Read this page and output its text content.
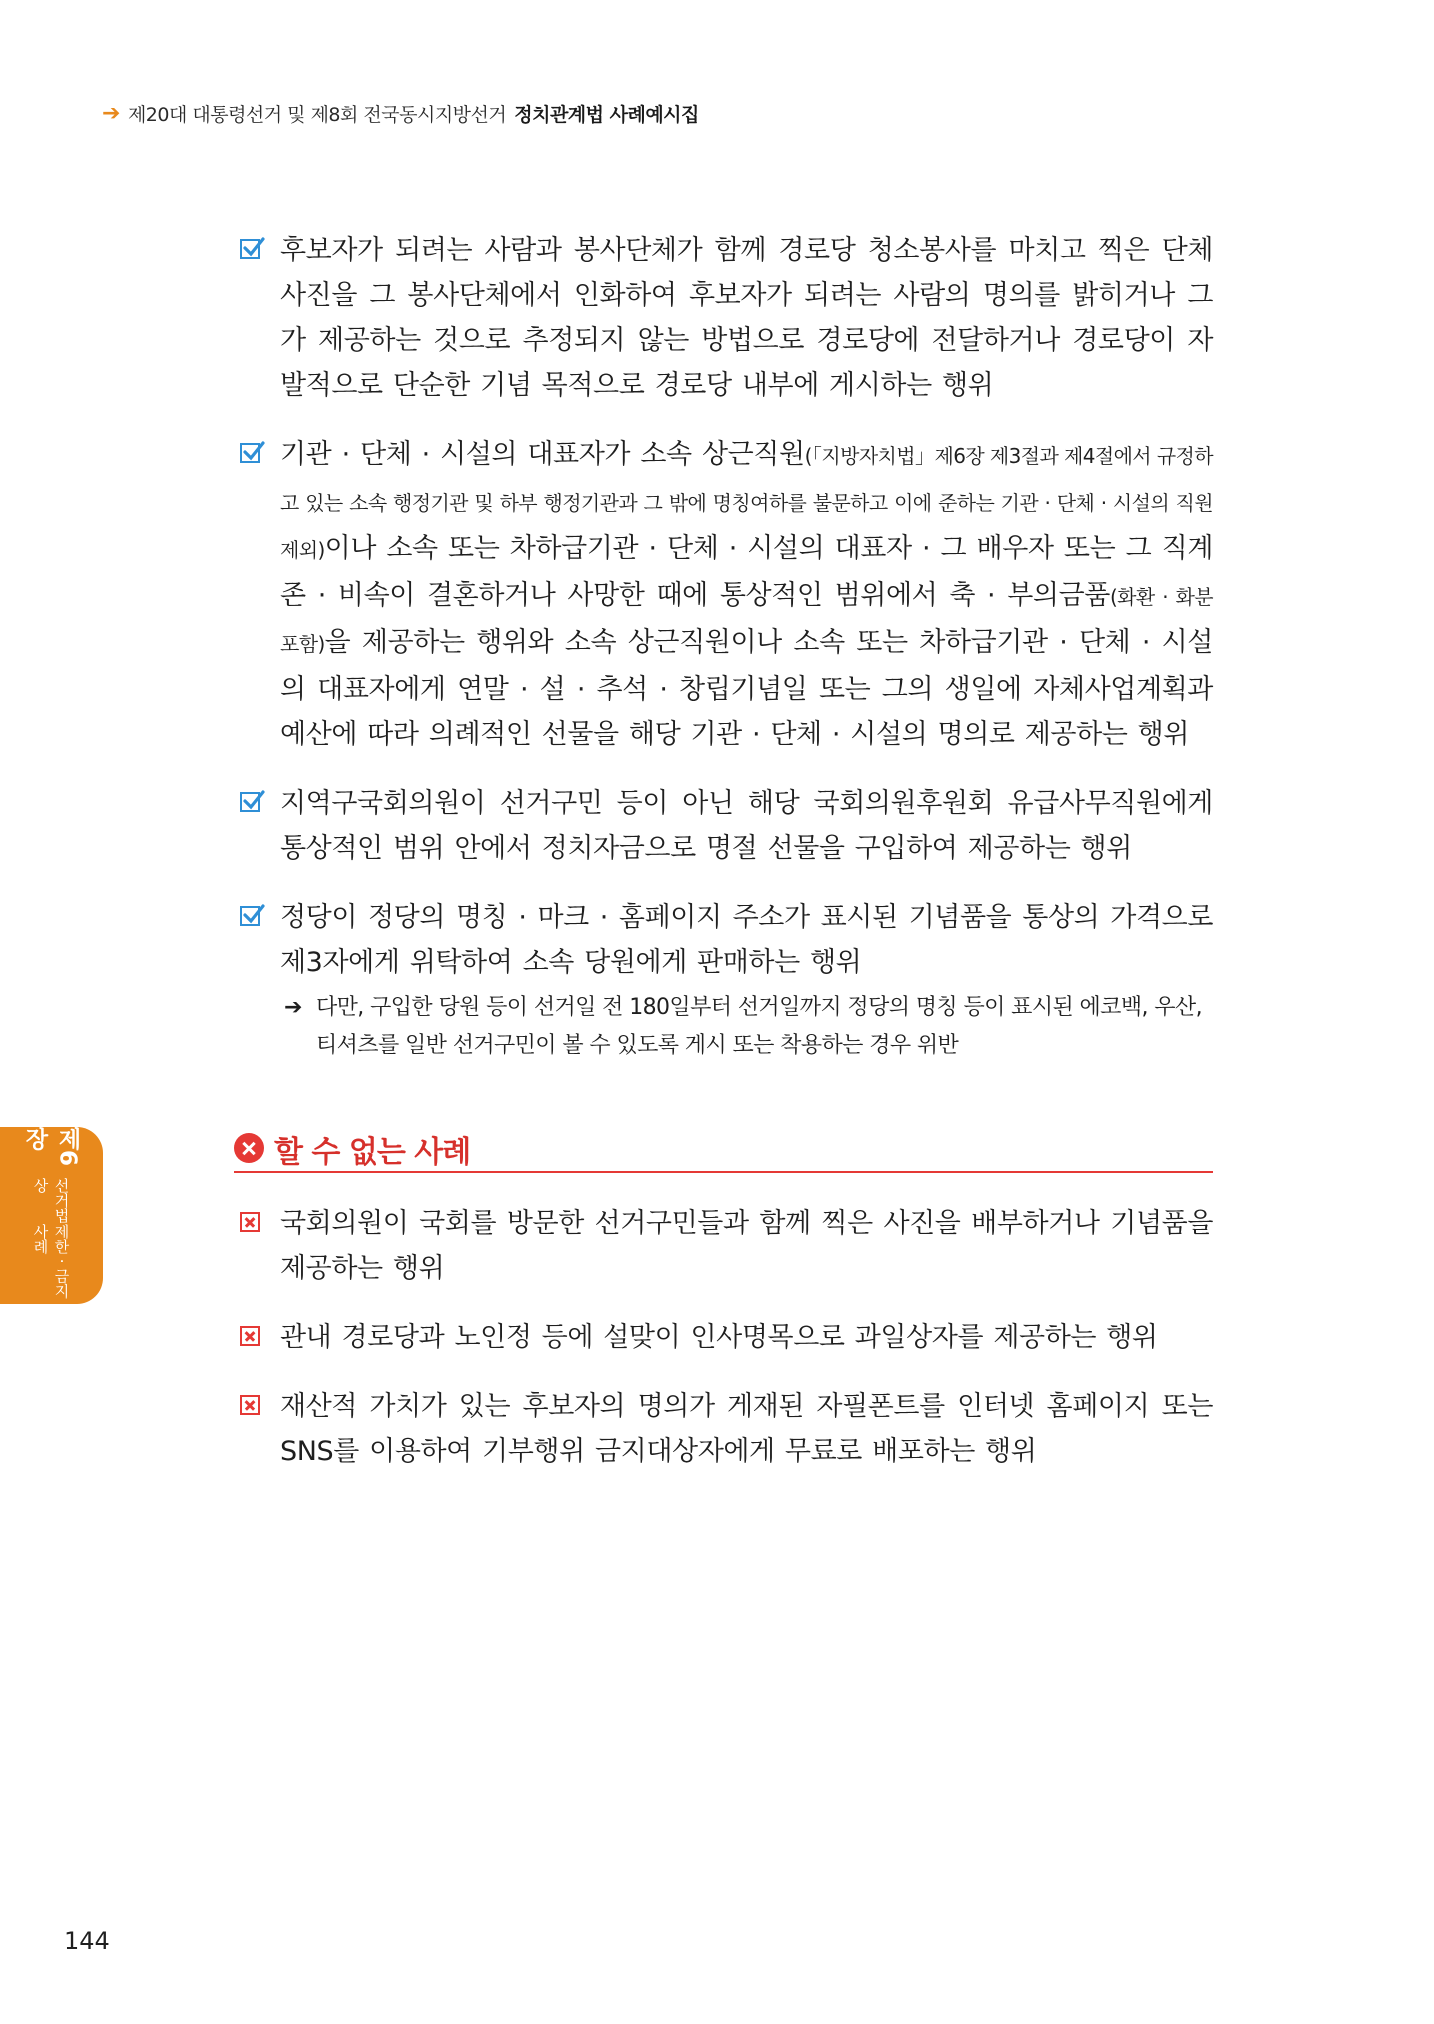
➔ 제20대 대통령선거 및 제8회 전국동시지방선거 정치관계법 사례예시집
후보자가 되려는 사람과 봉사단체가 함께 경로당 청소봉사를 마치고 찍은 단체사진을 그 봉사단체에서 인화하여 후보자가 되려는 사람의 명의를 밝히거나 그가 제공하는 것으로 추정되지 않는 방법으로 경로당에 전달하거나 경로당이 자발적으로 단순한 기념 목적으로 경로당 내부에 게시하는 행위
기관 · 단체 · 시설의 대표자가 소속 상근직원(「지방자치법」제6장 제3절과 제4절에서 규정하고 있는 소속 행정기관 및 하부 행정기관과 그 밖에 명칭여하를 불문하고 이에 준하는 기관 · 단체 · 시설의 직원 제외)이나 소속 또는 차하급기관 · 단체 · 시설의 대표자 · 그 배우자 또는 그 직계존 · 비속이 결혼하거나 사망한 때에 통상적인 범위에서 축 · 부의금품(화환 · 화분 포함)을 제공하는 행위와 소속 상근직원이나 소속 또는 차하급기관 · 단체 · 시설의 대표자에게 연말 · 설 · 추석 · 창립기념일 또는 그의 생일에 자체사업계획과 예산에 따라 의례적인 선물을 해당 기관 · 단체 · 시설의 명의로 제공하는 행위
지역구국회의원이 선거구민 등이 아닌 해당 국회의원후원회 유급사무직원에게 통상적인 범위 안에서 정치자금으로 명절 선물을 구입하여 제공하는 행위
정당이 정당의 명칭 · 마크 · 홈페이지 주소가 표시된 기념품을 통상의 가격으로 제3자에게 위탁하여 소속 당원에게 판매하는 행위
➔ 다만, 구입한 당원 등이 선거일 전 180일부터 선거일까지 정당의 명칭 등이 표시된 에코백, 우산, 티셔츠를 일반 선거구민이 볼 수 있도록 게시 또는 착용하는 경우 위반
할 수 없는 사례
국회의원이 국회를 방문한 선거구민들과 함께 찍은 사진을 배부하거나 기념품을 제공하는 행위
관내 경로당과 노인정 등에 설맞이 인사명목으로 과일상자를 제공하는 행위
재산적 가치가 있는 후보자의 명의가 게재된 자필폰트를 인터넷 홈페이지 또는 SNS를 이용하여 기부행위 금지대상자에게 무료로 배포하는 행위
제6장
선거법상
제한 · 금지사례
144
